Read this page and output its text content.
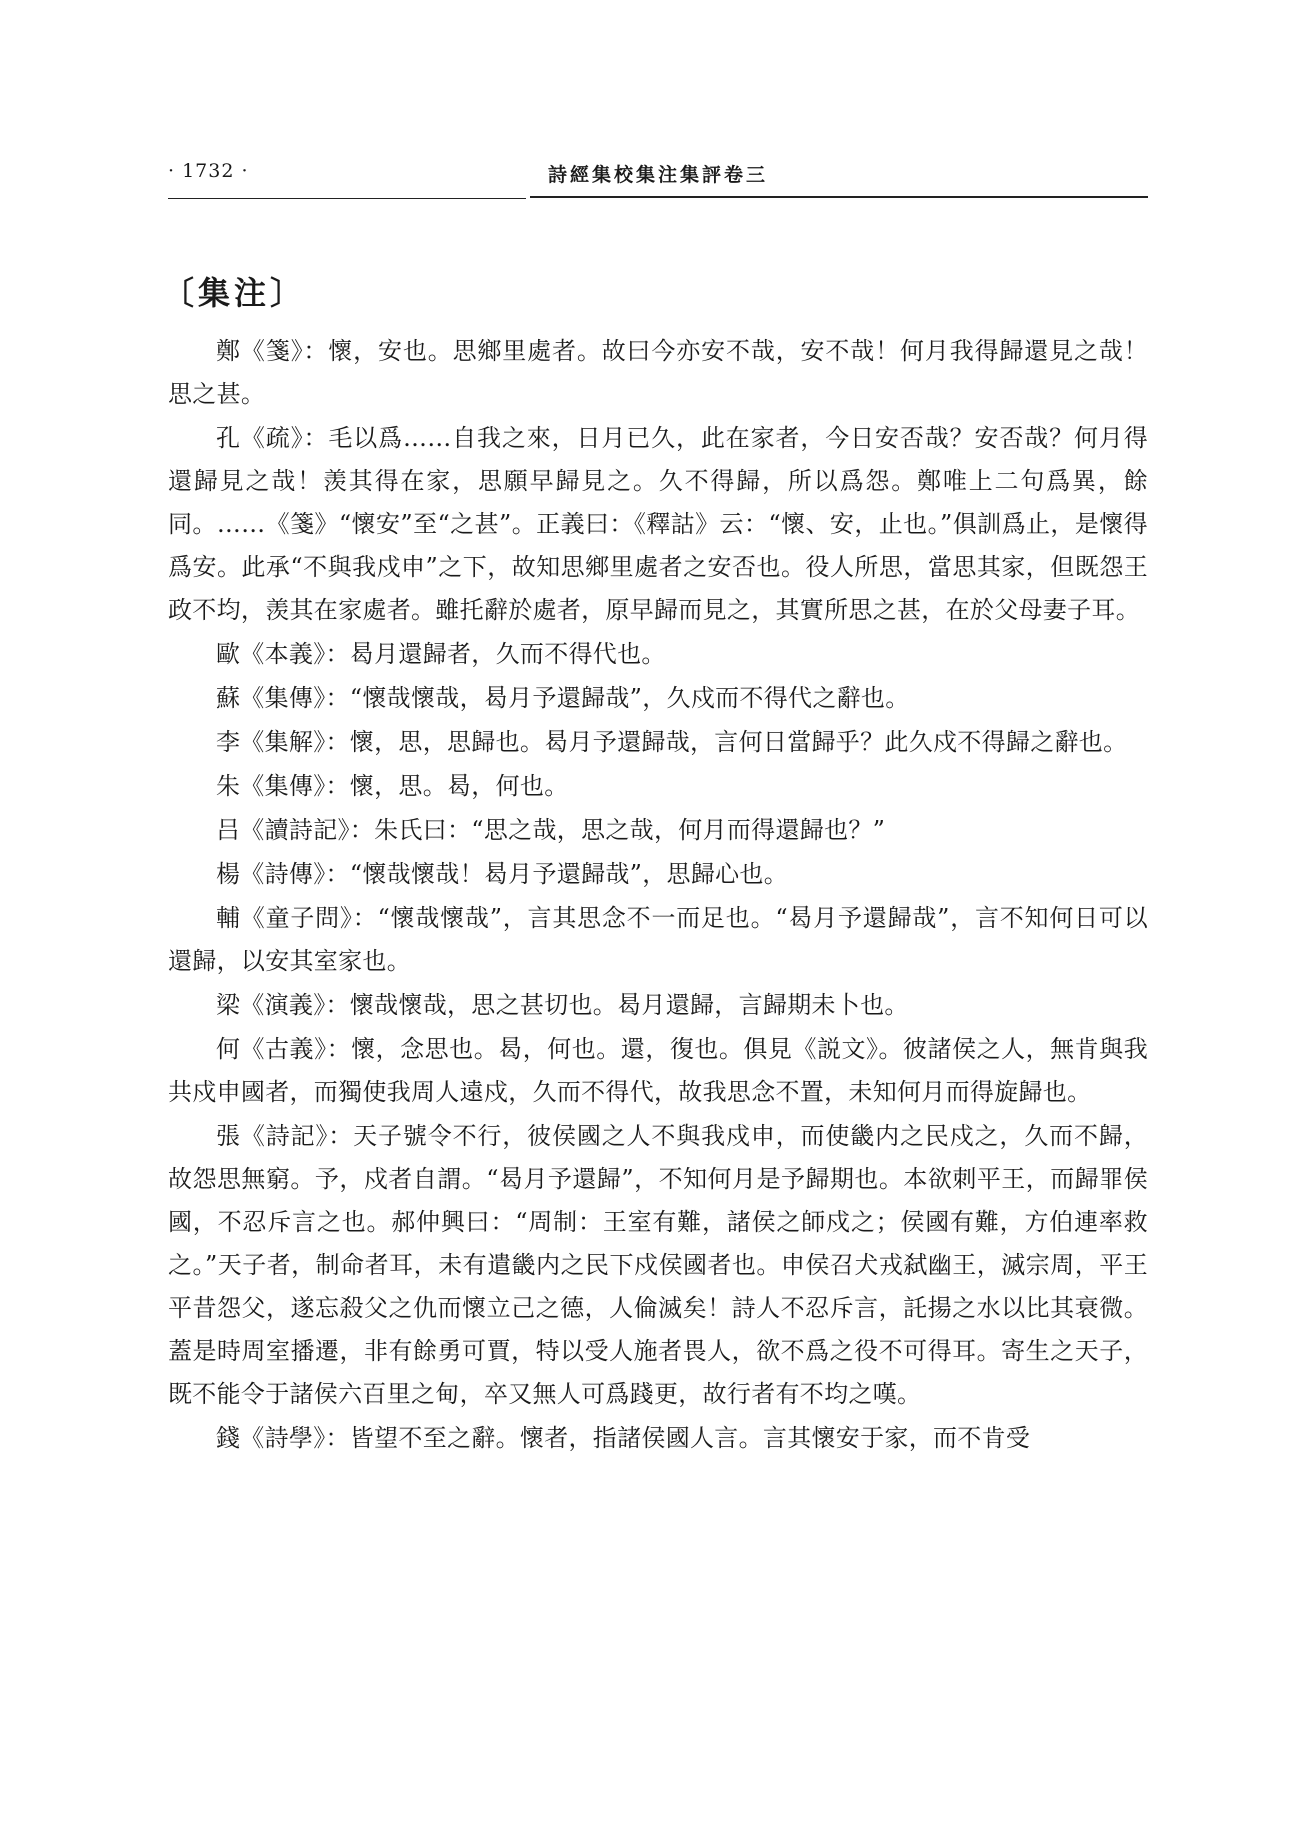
· 1732 ·	詩經集校集注集評卷三
〔集注〕

鄭《箋》：懷，安也。思鄉里處者。故曰今亦安不哉，安不哉！何月我得歸還見之哉！思之甚。

孔《疏》：毛以爲……自我之來，日月已久，此在家者，今日安否哉？安否哉？何月得還歸見之哉！羡其得在家，思願早歸見之。久不得歸，所以爲怨。鄭唯上二句爲異，餘同。……《箋》“懷安”至“之甚”。正義曰：《釋詁》云：“懷、安，止也。”俱訓爲止，是懷得爲安。此承“不與我戍申”之下，故知思鄉里處者之安否也。役人所思，當思其家，但既怨王政不均，羡其在家處者。雖托辭於處者，原早歸而見之，其實所思之甚，在於父母妻子耳。

歐《本義》：曷月還歸者，久而不得代也。

蘇《集傳》：“懷哉懷哉，曷月予還歸哉”，久戍而不得代之辭也。

李《集解》：懷，思，思歸也。曷月予還歸哉，言何日當歸乎？此久戍不得歸之辭也。

朱《集傳》：懷，思。曷，何也。

吕《讀詩記》：朱氏曰：“思之哉，思之哉，何月而得還歸也？”

楊《詩傳》：“懷哉懷哉！曷月予還歸哉”，思歸心也。

輔《童子問》：“懷哉懷哉”，言其思念不一而足也。“曷月予還歸哉”，言不知何日可以還歸，以安其室家也。

梁《演義》：懷哉懷哉，思之甚切也。曷月還歸，言歸期未卜也。

何《古義》：懷，念思也。曷，何也。還，復也。俱見《説文》。彼諸侯之人，無肯與我共戍申國者，而獨使我周人遠戍，久而不得代，故我思念不置，未知何月而得旋歸也。

張《詩記》：天子號令不行，彼侯國之人不與我戍申，而使畿内之民戍之，久而不歸，故怨思無窮。予，戍者自謂。“曷月予還歸”，不知何月是予歸期也。本欲刺平王，而歸罪侯國，不忍斥言之也。郝仲興曰：“周制：王室有難，諸侯之師戍之；侯國有難，方伯連率救之。”天子者，制命者耳，未有遣畿内之民下戍侯國者也。申侯召犬戎弑幽王，滅宗周，平王平昔怨父，遂忘殺父之仇而懷立己之德，人倫滅矣！詩人不忍斥言，託揚之水以比其衰微。蓋是時周室播遷，非有餘勇可賈，特以受人施者畏人，欲不爲之役不可得耳。寄生之天子，既不能令于諸侯六百里之甸，卒又無人可爲踐更，故行者有不均之嘆。

錢《詩學》：皆望不至之辭。懷者，指諸侯國人言。言其懷安于家，而不肯受
